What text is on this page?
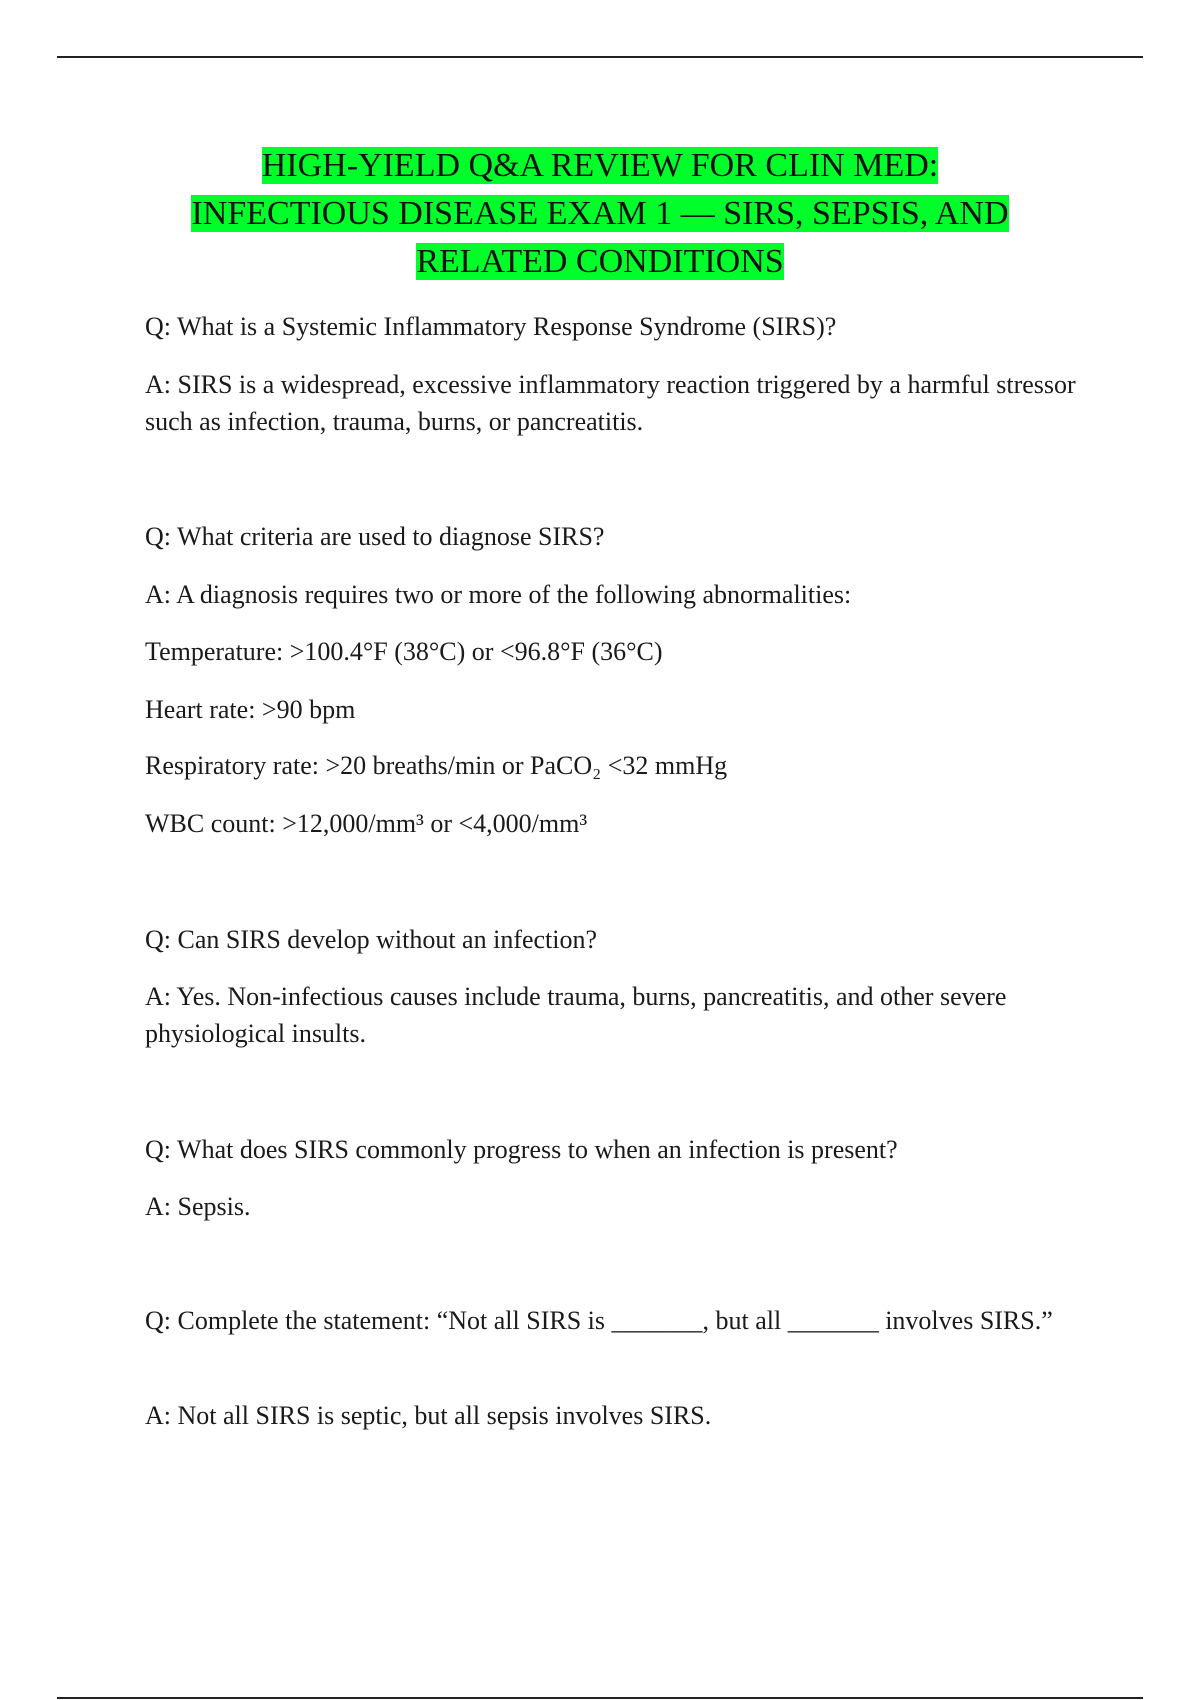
HIGH-YIELD Q&A REVIEW FOR CLIN MED:
INFECTIOUS DISEASE EXAM 1 — SIRS, SEPSIS, AND
RELATED CONDITIONS

Q: What is a Systemic Inflammatory Response Syndrome (SIRS)?

A: SIRS is a widespread, excessive inflammatory reaction triggered by a harmful stressor such as infection, trauma, burns, or pancreatitis.

Q: What criteria are used to diagnose SIRS?

A: A diagnosis requires two or more of the following abnormalities:

Temperature: >100.4°F (38°C) or <96.8°F (36°C)

Heart rate: >90 bpm

Respiratory rate: >20 breaths/min or PaCO₂ <32 mmHg

WBC count: >12,000/mm³ or <4,000/mm³

Q: Can SIRS develop without an infection?

A: Yes. Non-infectious causes include trauma, burns, pancreatitis, and other severe physiological insults.

Q: What does SIRS commonly progress to when an infection is present?

A: Sepsis.

Q: Complete the statement: “Not all SIRS is _______, but all _______ involves SIRS.”

A: Not all SIRS is septic, but all sepsis involves SIRS.
